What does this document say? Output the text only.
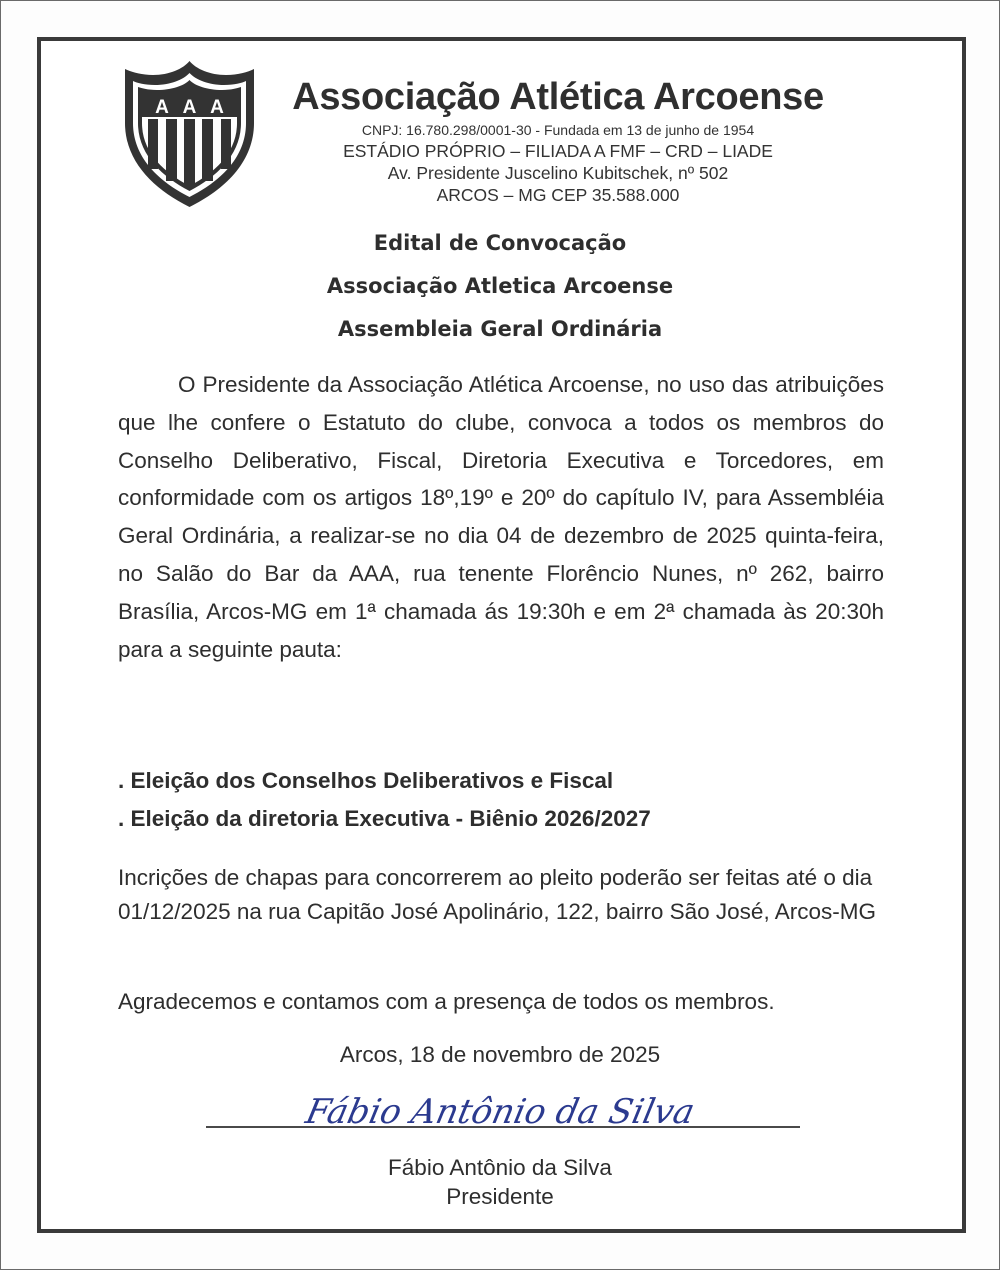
A A A	Associação Atlética Arcoense
CNPJ: 16.780.298/0001-30 - Fundada em 13 de junho de 1954
ESTÁDIO PRÓPRIO – FILIADA A FMF – CRD – LIADE
Av. Presidente Juscelino Kubitschek, nº 502
ARCOS – MG CEP 35.588.000
Edital de Convocação
Associação Atletica Arcoense
Assembleia Geral Ordinária
O Presidente da Associação Atlética Arcoense, no uso das atribuições que lhe confere o Estatuto do clube, convoca a todos os membros do Conselho Deliberativo, Fiscal, Diretoria Executiva e Torcedores, em conformidade com os artigos 18º,19º e 20º do capítulo IV, para Assembléia Geral Ordinária, a realizar-se no dia 04 de dezembro de 2025 quinta-feira, no Salão do Bar da AAA, rua tenente Florêncio Nunes, nº 262, bairro Brasília, Arcos-MG em 1ª chamada ás 19:30h e em 2ª chamada às 20:30h para a seguinte pauta:
. Eleição dos Conselhos Deliberativos e Fiscal
. Eleição da diretoria Executiva - Biênio 2026/2027
Incrições de chapas para concorrerem ao pleito poderão ser feitas até o dia 01/12/2025 na rua Capitão José Apolinário, 122, bairro São José, Arcos-MG
Agradecemos e contamos com a presença de todos os membros.
Arcos, 18 de novembro de 2025
Fábio Antônio da Silva
Fábio Antônio da Silva
Presidente
